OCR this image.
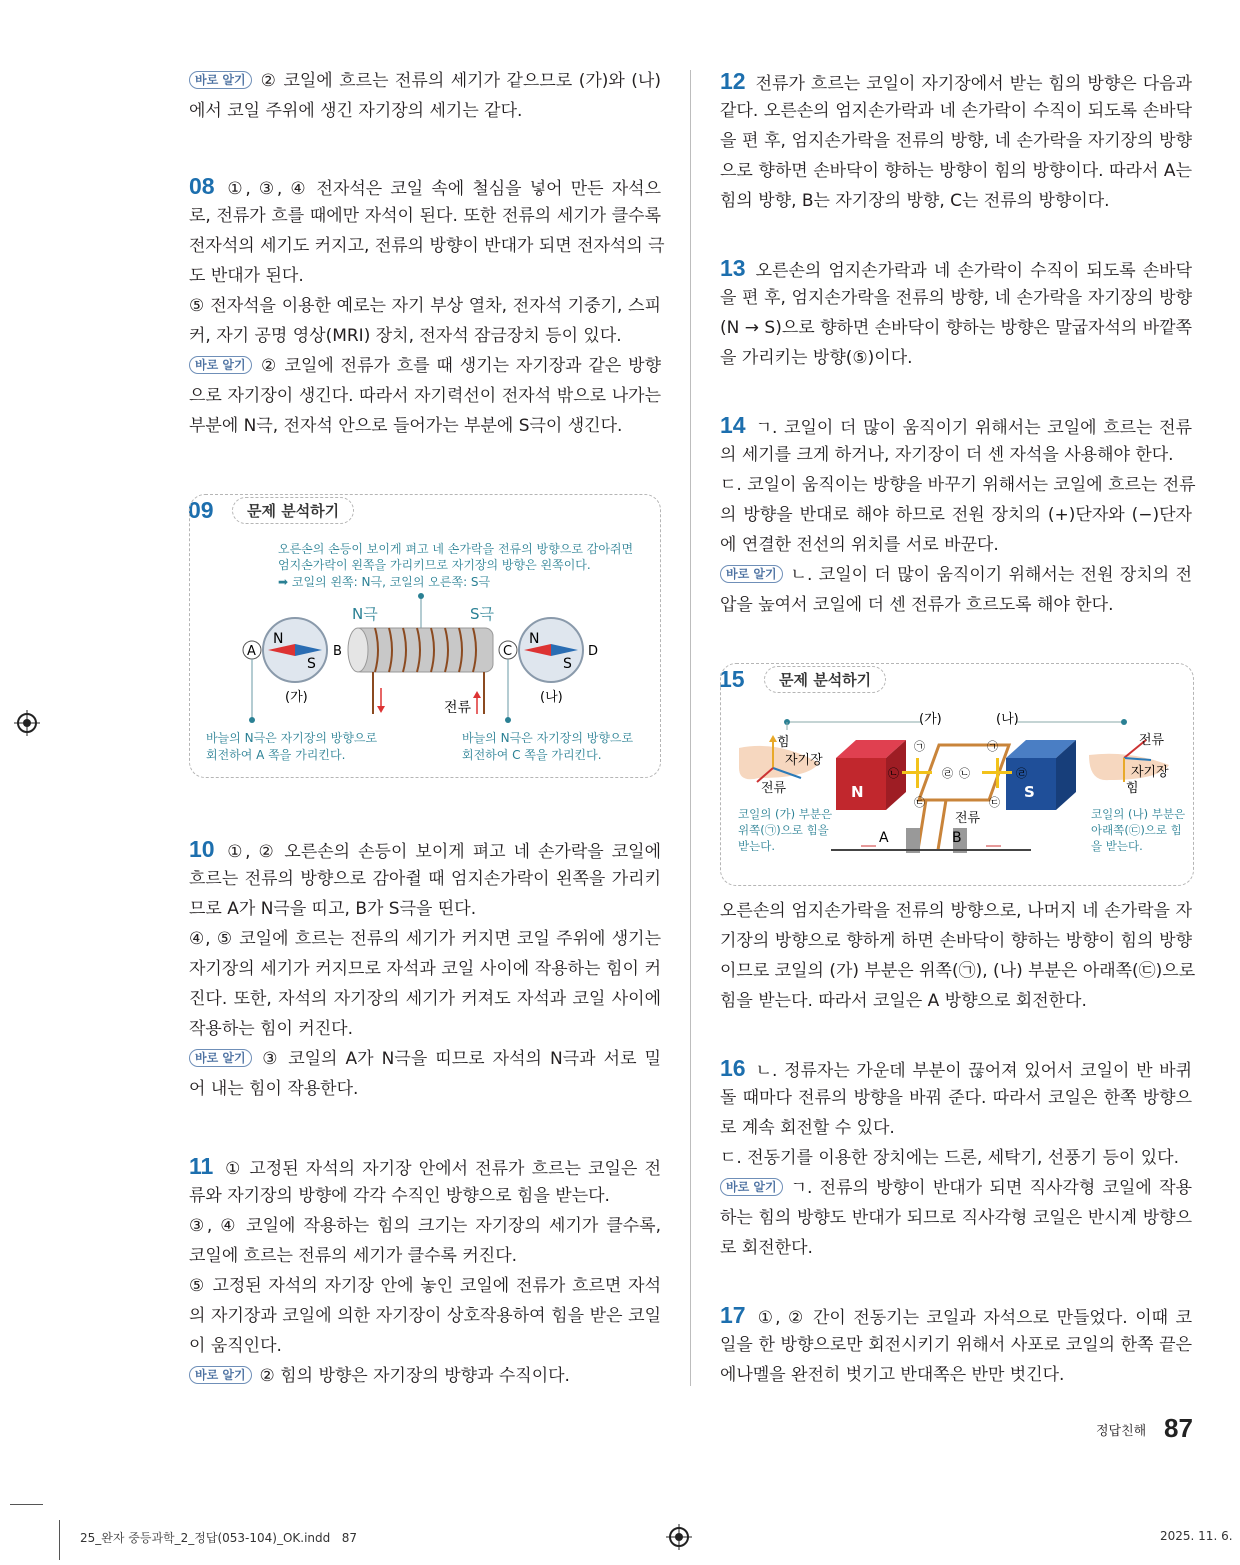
바로 알기 ② 코일에 흐르는 전류의 세기가 같으므로 (가)와 (나)
에서 코일 주위에 생긴 자기장의 세기는 같다.
08 ①, ③, ④ 전자석은 코일 속에 철심을 넣어 만든 자석으
로, 전류가 흐를 때에만 자석이 된다. 또한 전류의 세기가 클수록
전자석의 세기도 커지고, 전류의 방향이 반대가 되면 전자석의 극
도 반대가 된다.
⑤ 전자석을 이용한 예로는 자기 부상 열차, 전자석 기중기, 스피
커, 자기 공명 영상(MRI) 장치, 전자석 잠금장치 등이 있다.
바로 알기 ② 코일에 전류가 흐를 때 생기는 자기장과 같은 방향
으로 자기장이 생긴다. 따라서 자기력선이 전자석 밖으로 나가는
부분에 N극, 전자석 안으로 들어가는 부분에 S극이 생긴다.
09	문제 분석하기
오른손의 손등이 보이게 펴고 네 손가락을 전류의 방향으로 감아쥐면
엄지손가락이 왼쪽을 가리키므로 자기장의 방향은 왼쪽이다.
➡ 코일의 왼쪽: N극, 코일의 오른쪽: S극
N극	S극
전류
N
S
N
S
A	B	C	D
(가)	(나)
바늘의 N극은 자기장의 방향으로
회전하여 A 쪽을 가리킨다.
바늘의 N극은 자기장의 방향으로
회전하여 C 쪽을 가리킨다.
10 ①, ② 오른손의 손등이 보이게 펴고 네 손가락을 코일에
흐르는 전류의 방향으로 감아쥘 때 엄지손가락이 왼쪽을 가리키
므로 A가 N극을 띠고, B가 S극을 띤다.
④, ⑤ 코일에 흐르는 전류의 세기가 커지면 코일 주위에 생기는
자기장의 세기가 커지므로 자석과 코일 사이에 작용하는 힘이 커
진다. 또한, 자석의 자기장의 세기가 커져도 자석과 코일 사이에
작용하는 힘이 커진다.
바로 알기 ③ 코일의 A가 N극을 띠므로 자석의 N극과 서로 밀
어 내는 힘이 작용한다.
11 ① 고정된 자석의 자기장 안에서 전류가 흐르는 코일은 전
류와 자기장의 방향에 각각 수직인 방향으로 힘을 받는다.
③, ④ 코일에 작용하는 힘의 크기는 자기장의 세기가 클수록,
코일에 흐르는 전류의 세기가 클수록 커진다.
⑤ 고정된 자석의 자기장 안에 놓인 코일에 전류가 흐르면 자석
의 자기장과 코일에 의한 자기장이 상호작용하여 힘을 받은 코일
이 움직인다.
바로 알기 ② 힘의 방향은 자기장의 방향과 수직이다.
12 전류가 흐르는 코일이 자기장에서 받는 힘의 방향은 다음과
같다. 오른손의 엄지손가락과 네 손가락이 수직이 되도록 손바닥
을 편 후, 엄지손가락을 전류의 방향, 네 손가락을 자기장의 방향
으로 향하면 손바닥이 향하는 방향이 힘의 방향이다. 따라서 A는
힘의 방향, B는 자기장의 방향, C는 전류의 방향이다.
13 오른손의 엄지손가락과 네 손가락이 수직이 되도록 손바닥
을 편 후, 엄지손가락을 전류의 방향, 네 손가락을 자기장의 방향
(N → S)으로 향하면 손바닥이 향하는 방향은 말굽자석의 바깥쪽
을 가리키는 방향(⑤)이다.
14 ㄱ. 코일이 더 많이 움직이기 위해서는 코일에 흐르는 전류
의 세기를 크게 하거나, 자기장이 더 센 자석을 사용해야 한다.
ㄷ. 코일이 움직이는 방향을 바꾸기 위해서는 코일에 흐르는 전류
의 방향을 반대로 해야 하므로 전원 장치의 (+)단자와 (−)단자
에 연결한 전선의 위치를 서로 바꾼다.
바로 알기 ㄴ. 코일이 더 많이 움직이기 위해서는 전원 장치의 전
압을 높여서 코일에 더 센 전류가 흐르도록 해야 한다.
15	문제 분석하기
(가)	(나)
힘
자기장
전류
전류
자기장
힘
N	S
㉠	㉠
㉡	㉡
㉣	㉣
㉢	㉢
전류
A	B
코일의 (가) 부분은
위쪽(㉠)으로 힘을
받는다.
코일의 (나) 부분은
아래쪽(㉢)으로 힘
을 받는다.
오른손의 엄지손가락을 전류의 방향으로, 나머지 네 손가락을 자
기장의 방향으로 향하게 하면 손바닥이 향하는 방향이 힘의 방향
이므로 코일의 (가) 부분은 위쪽(㉠), (나) 부분은 아래쪽(㉢)으로
힘을 받는다. 따라서 코일은 A 방향으로 회전한다.
16 ㄴ. 정류자는 가운데 부분이 끊어져 있어서 코일이 반 바퀴
돌 때마다 전류의 방향을 바꿔 준다. 따라서 코일은 한쪽 방향으
로 계속 회전할 수 있다.
ㄷ. 전동기를 이용한 장치에는 드론, 세탁기, 선풍기 등이 있다.
바로 알기 ㄱ. 전류의 방향이 반대가 되면 직사각형 코일에 작용
하는 힘의 방향도 반대가 되므로 직사각형 코일은 반시계 방향으
로 회전한다.
17 ①, ② 간이 전동기는 코일과 자석으로 만들었다. 이때 코
일을 한 방향으로만 회전시키기 위해서 사포로 코일의 한쪽 끝은
에나멜을 완전히 벗기고 반대쪽은 반만 벗긴다.
정답친해 87
25_완자 중등과학_2_정답(053-104)_OK.indd   87	2025. 11. 6.
